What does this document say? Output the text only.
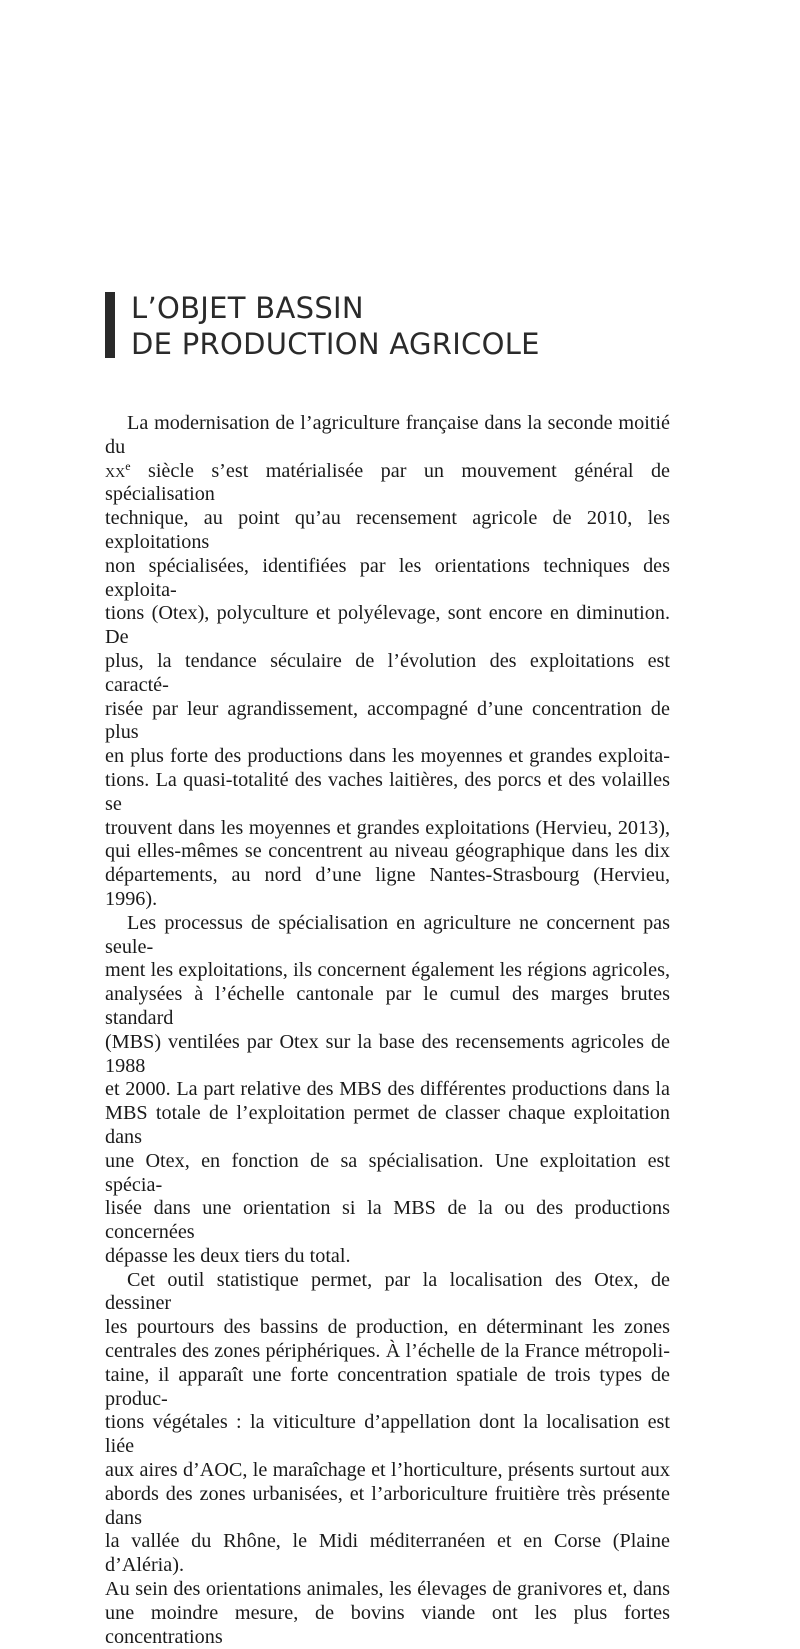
L’OBJET BASSIN
DE PRODUCTION AGRICOLE

La modernisation de l’agriculture française dans la seconde moitié du
$xx^e$ siècle s’est matérialisée par un mouvement général de spécialisation
technique, au point qu’au recensement agricole de 2010, les exploitations
non spécialisées, identifiées par les orientations techniques des exploita-
tions (Otex), polyculture et polyélevage, sont encore en diminution. De
plus, la tendance séculaire de l’évolution des exploitations est caracté-
risée par leur agrandissement, accompagné d’une concentration de plus
en plus forte des productions dans les moyennes et grandes exploita-
tions. La quasi-totalité des vaches laitières, des porcs et des volailles se
trouvent dans les moyennes et grandes exploitations (Hervieu, 2013),
qui elles-mêmes se concentrent au niveau géographique dans les dix
départements, au nord d’une ligne Nantes-Strasbourg (Hervieu, 1996).

Les processus de spécialisation en agriculture ne concernent pas seule-
ment les exploitations, ils concernent également les régions agricoles,
analysées à l’échelle cantonale par le cumul des marges brutes standard
(MBS) ventilées par Otex sur la base des recensements agricoles de 1988
et 2000. La part relative des MBS des différentes productions dans la
MBS totale de l’exploitation permet de classer chaque exploitation dans
une Otex, en fonction de sa spécialisation. Une exploitation est spécia-
lisée dans une orientation si la MBS de la ou des productions concernées
dépasse les deux tiers du total.

Cet outil statistique permet, par la localisation des Otex, de dessiner
les pourtours des bassins de production, en déterminant les zones
centrales des zones périphériques. À l’échelle de la France métropoli-
taine, il apparaît une forte concentration spatiale de trois types de produc-
tions végétales : la viticulture d’appellation dont la localisation est liée
aux aires d’AOC, le maraîchage et l’horticulture, présents surtout aux
abords des zones urbanisées, et l’arboriculture fruitière très présente dans
la vallée du Rhône, le Midi méditerranéen et en Corse (Plaine d’Aléria).
Au sein des orientations animales, les élevages de granivores et, dans
une moindre mesure, de bovins viande ont les plus fortes concentrations
